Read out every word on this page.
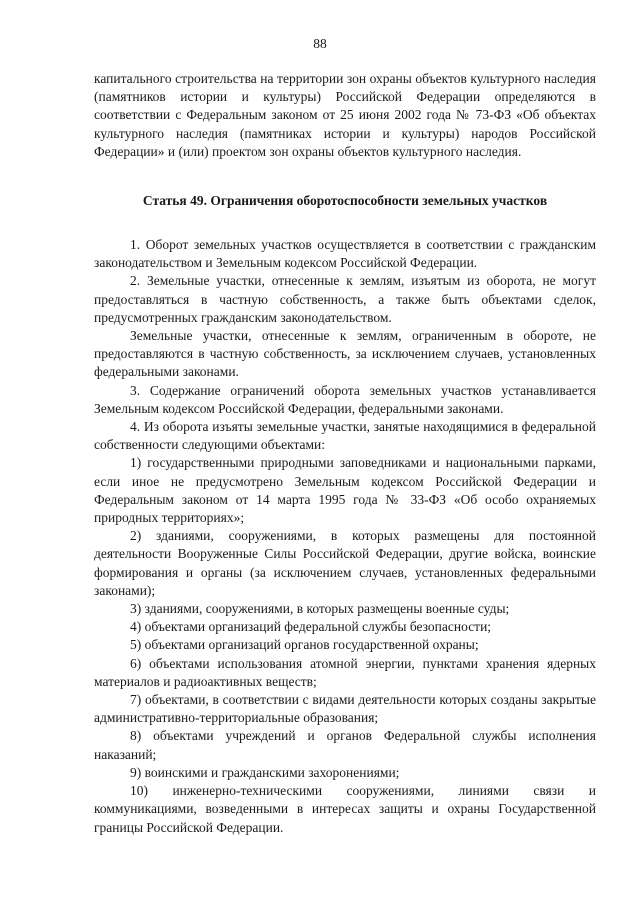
88

капитального строительства на территории зон охраны объектов культурного наследия (памятников истории и культуры) Российской Федерации определяются в соответствии с Федеральным законом от 25 июня 2002 года № 73-ФЗ «Об объектах культурного наследия (памятниках истории и культуры) народов Российской Федерации» и (или) проектом зон охраны объектов культурного наследия.

Статья 49. Ограничения оборотоспособности земельных участков

1. Оборот земельных участков осуществляется в соответствии с гражданским законодательством и Земельным кодексом Российской Федерации.

2. Земельные участки, отнесенные к землям, изъятым из оборота, не могут предоставляться в частную собственность, а также быть объектами сделок, предусмотренных гражданским законодательством.

Земельные участки, отнесенные к землям, ограниченным в обороте, не предоставляются в частную собственность, за исключением случаев, установленных федеральными законами.

3. Содержание ограничений оборота земельных участков устанавливается Земельным кодексом Российской Федерации, федеральными законами.

4. Из оборота изъяты земельные участки, занятые находящимися в федеральной собственности следующими объектами:

1) государственными природными заповедниками и национальными парками, если иное не предусмотрено Земельным кодексом Российской Федерации и Федеральным законом от 14 марта 1995 года № 33-ФЗ «Об особо охраняемых природных территориях»;

2) зданиями, сооружениями, в которых размещены для постоянной деятельности Вооруженные Силы Российской Федерации, другие войска, воинские формирования и органы (за исключением случаев, установленных федеральными законами);

3) зданиями, сооружениями, в которых размещены военные суды;

4) объектами организаций федеральной службы безопасности;

5) объектами организаций органов государственной охраны;

6) объектами использования атомной энергии, пунктами хранения ядерных материалов и радиоактивных веществ;

7) объектами, в соответствии с видами деятельности которых созданы закрытые административно-территориальные образования;

8) объектами учреждений и органов Федеральной службы исполнения наказаний;

9) воинскими и гражданскими захоронениями;

10) инженерно-техническими сооружениями, линиями связи и коммуникациями, возведенными в интересах защиты и охраны Государственной границы Российской Федерации.
